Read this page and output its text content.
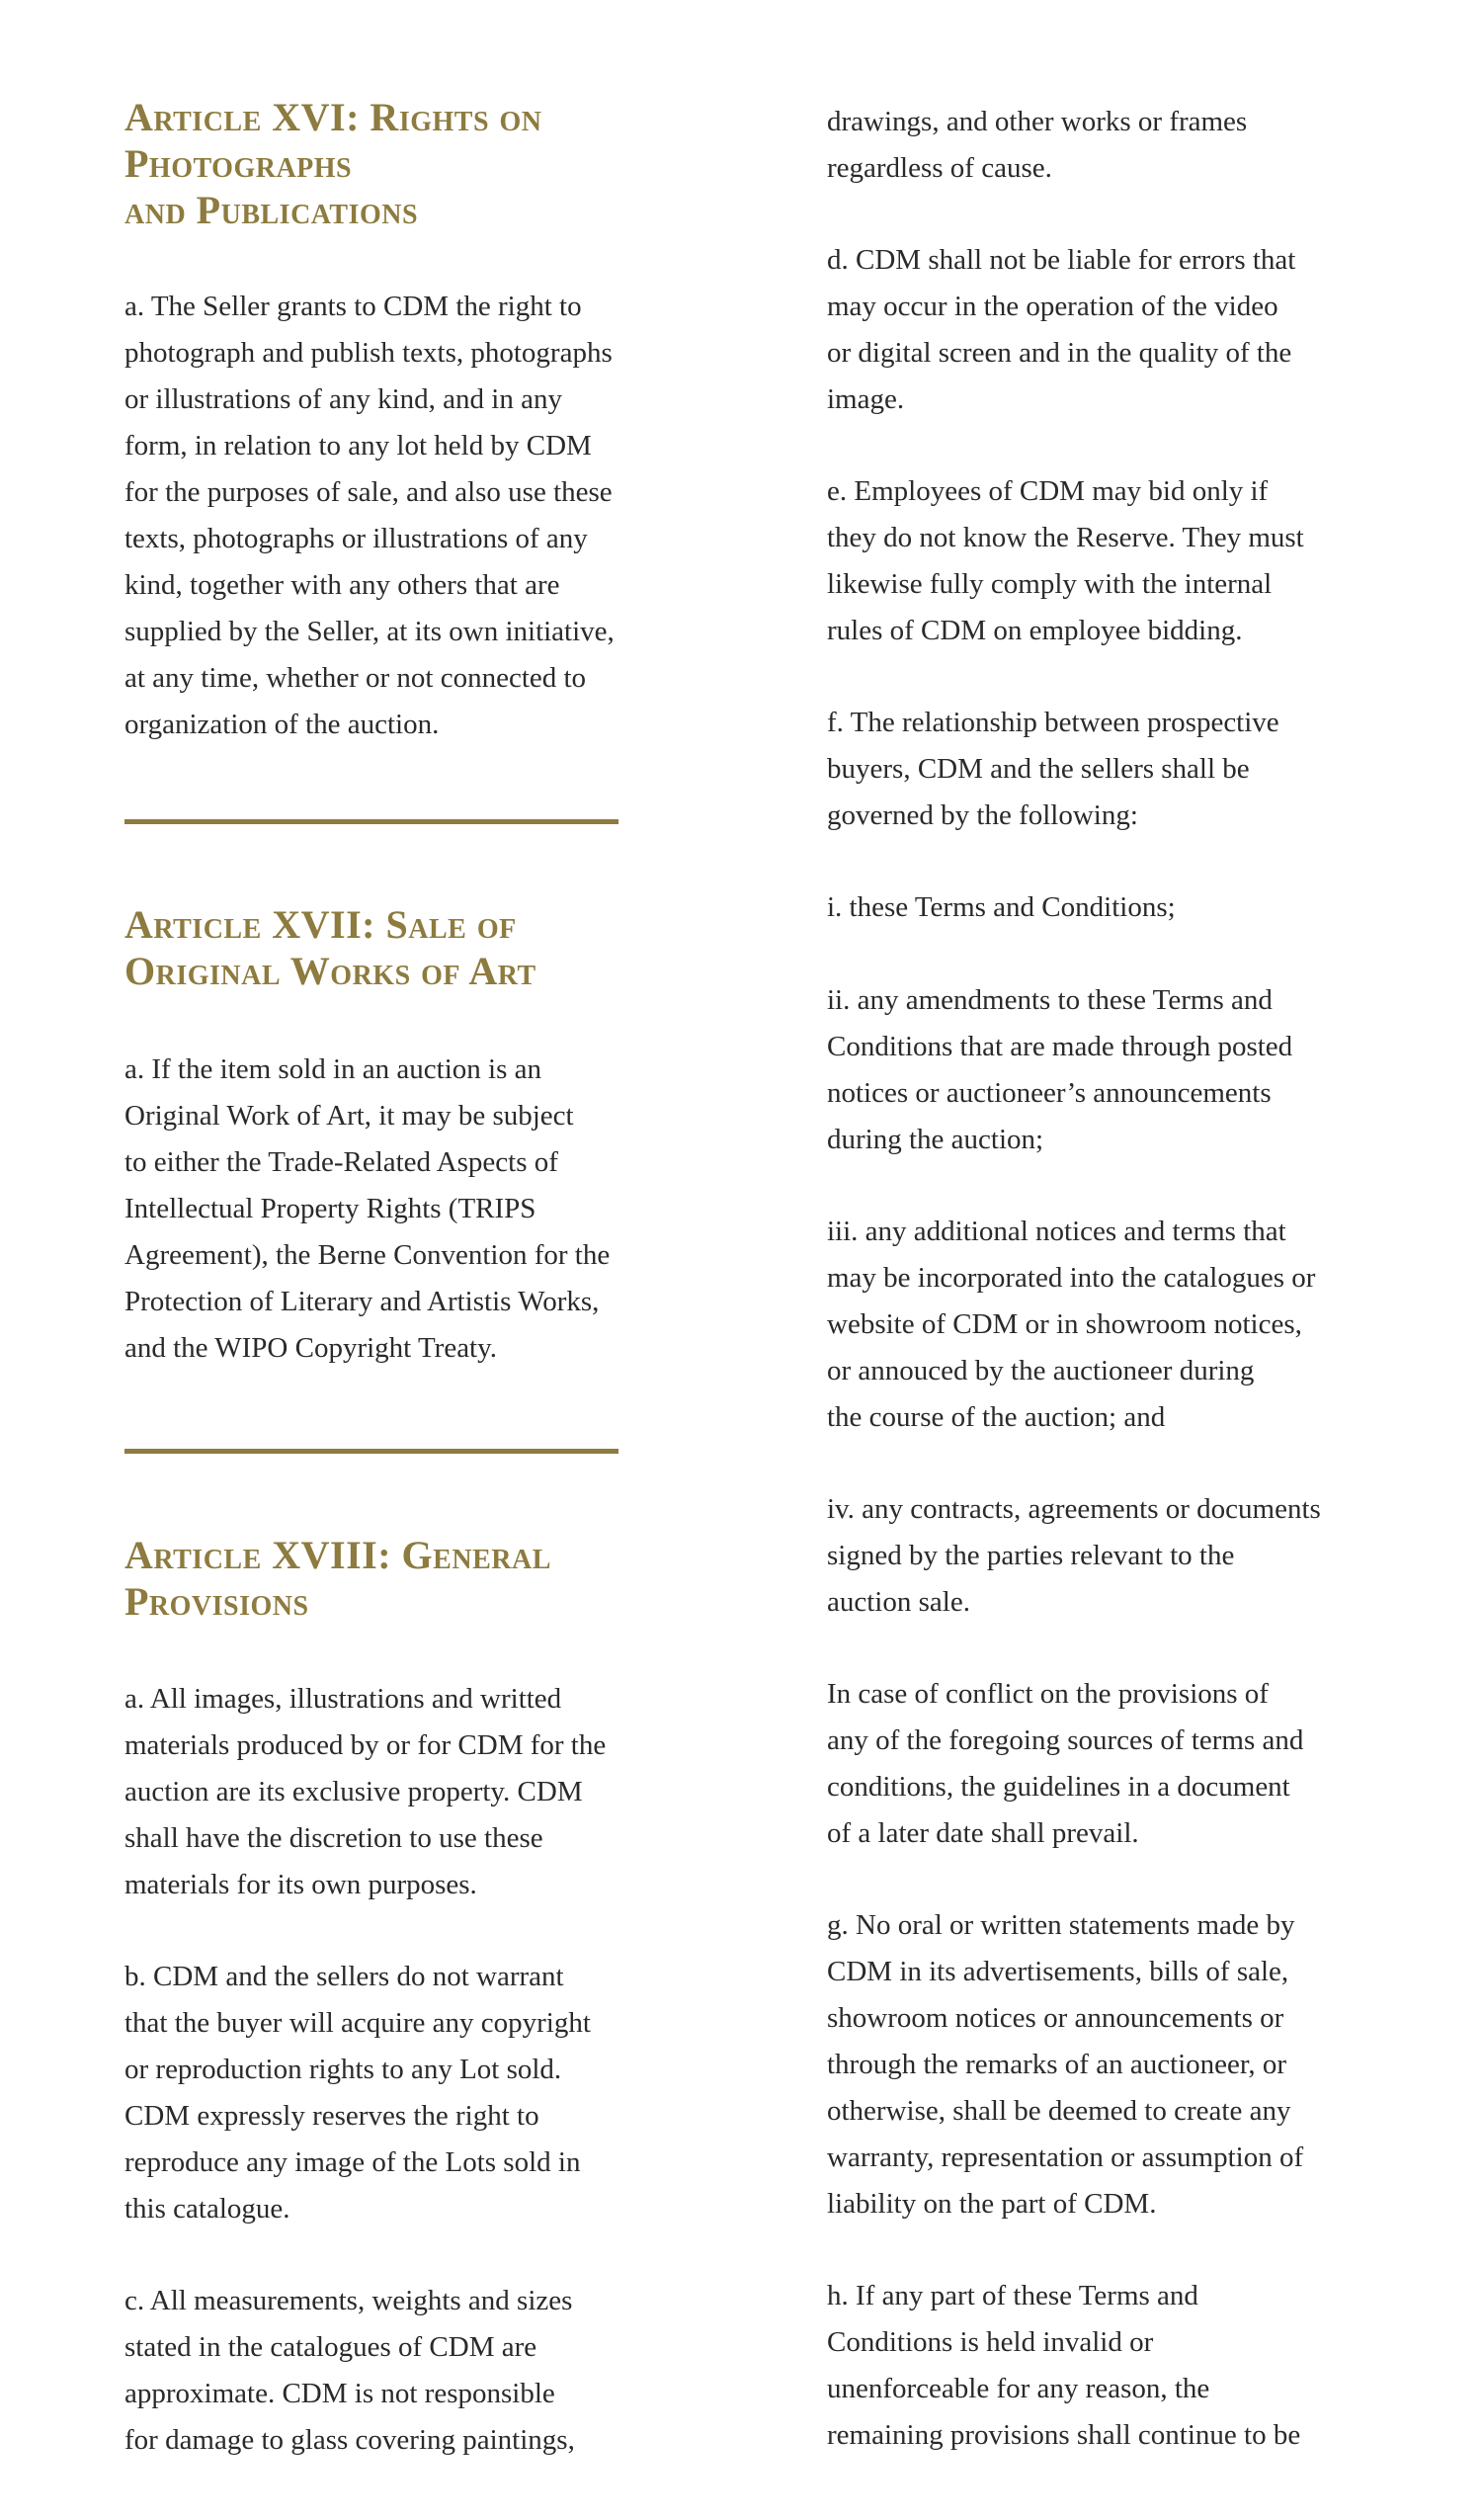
Article XVI: Rights on
Photographs
and Publications

a. The Seller grants to CDM the right to
photograph and publish texts, photographs
or illustrations of any kind, and in any
form, in relation to any lot held by CDM
for the purposes of sale, and also use these
texts, photographs or illustrations of any
kind, together with any others that are
supplied by the Seller, at its own initiative,
at any time, whether or not connected to
organization of the auction.

Article XVII: Sale of
Original Works of Art

a. If the item sold in an auction is an
Original Work of Art, it may be subject
to either the Trade-Related Aspects of
Intellectual Property Rights (TRIPS
Agreement), the Berne Convention for the
Protection of Literary and Artistis Works,
and the WIPO Copyright Treaty.

Article XVIII: General
Provisions

a. All images, illustrations and writted
materials produced by or for CDM for the
auction are its exclusive property. CDM
shall have the discretion to use these
materials for its own purposes.

b. CDM and the sellers do not warrant
that the buyer will acquire any copyright
or reproduction rights to any Lot sold.
CDM expressly reserves the right to
reproduce any image of the Lots sold in
this catalogue.

c. All measurements, weights and sizes
stated in the catalogues of CDM are
approximate. CDM is not responsible
for damage to glass covering paintings,

drawings, and other works or frames
regardless of cause.

d. CDM shall not be liable for errors that
may occur in the operation of the video
or digital screen and in the quality of the
image.

e. Employees of CDM may bid only if
they do not know the Reserve. They must
likewise fully comply with the internal
rules of CDM on employee bidding.

f. The relationship between prospective
buyers, CDM and the sellers shall be
governed by the following:

i. these Terms and Conditions;

ii. any amendments to these Terms and
Conditions that are made through posted
notices or auctioneer’s announcements
during the auction;

iii. any additional notices and terms that
may be incorporated into the catalogues or
website of CDM or in showroom notices,
or annouced by the auctioneer during
the course of the auction; and

iv. any contracts, agreements or documents
signed by the parties relevant to the
auction sale.

In case of conflict on the provisions of
any of the foregoing sources of terms and
conditions, the guidelines in a document
of a later date shall prevail.

g. No oral or written statements made by
CDM in its advertisements, bills of sale,
showroom notices or announcements or
through the remarks of an auctioneer, or
otherwise, shall be deemed to create any
warranty, representation or assumption of
liability on the part of CDM.

h. If any part of these Terms and
Conditions is held invalid or
unenforceable for any reason, the
remaining provisions shall continue to be
